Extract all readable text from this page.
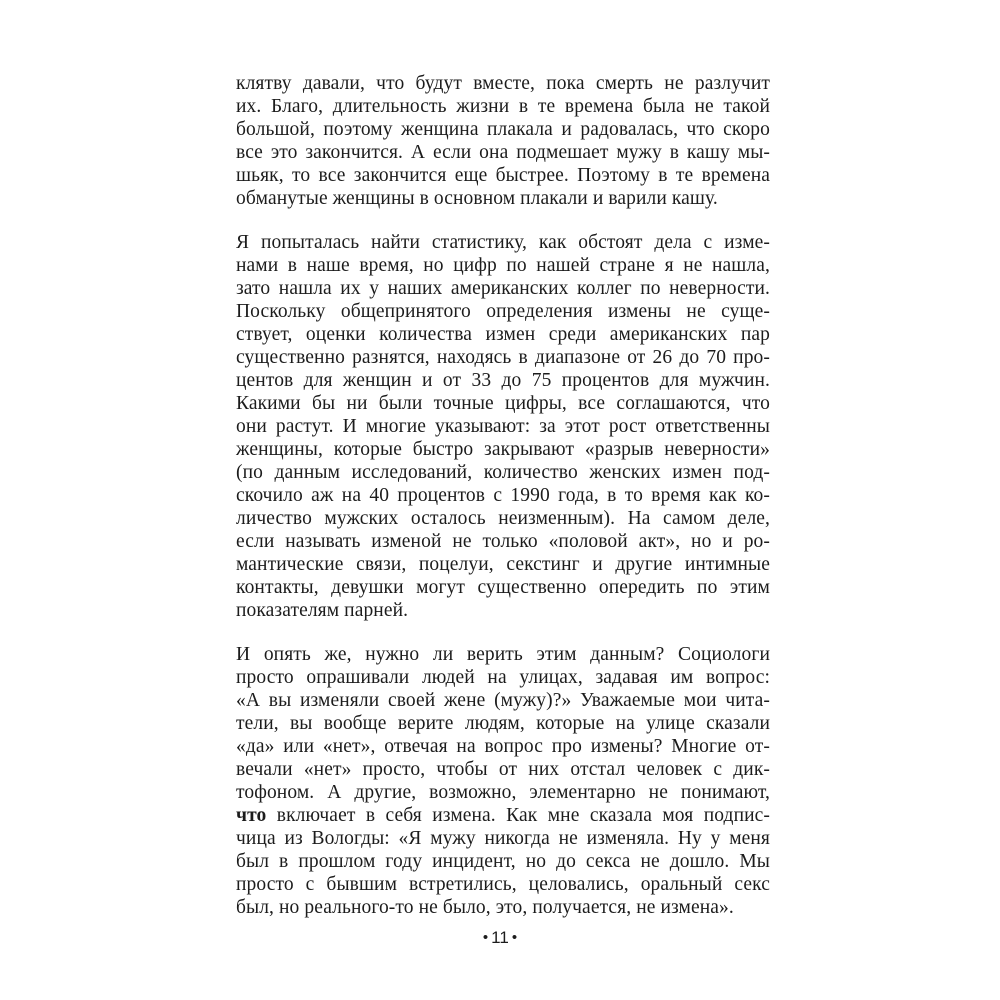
клятву давали, что будут вместе, пока смерть не разлучит
их. Благо, длительность жизни в те времена была не такой
большой, поэтому женщина плакала и радовалась, что скоро
все это закончится. А если она подмешает мужу в кашу мы-
шьяк, то все закончится еще быстрее. Поэтому в те времена
обманутые женщины в основном плакали и варили кашу.
Я попыталась найти статистику, как обстоят дела с изме-
нами в наше время, но цифр по нашей стране я не нашла,
зато нашла их у наших американских коллег по неверности.
Поскольку общепринятого определения измены не суще-
ствует, оценки количества измен среди американских пар
существенно разнятся, находясь в диапазоне от 26 до 70 про-
центов для женщин и от 33 до 75 процентов для мужчин.
Какими бы ни были точные цифры, все соглашаются, что
они растут. И многие указывают: за этот рост ответственны
женщины, которые быстро закрывают «разрыв неверности»
(по данным исследований, количество женских измен под-
скочило аж на 40 процентов с 1990 года, в то время как ко-
личество мужских осталось неизменным). На самом деле,
если называть изменой не только «половой акт», но и ро-
мантические связи, поцелуи, секстинг и другие интимные
контакты, девушки могут существенно опередить по этим
показателям парней.
И опять же, нужно ли верить этим данным? Социологи
просто опрашивали людей на улицах, задавая им вопрос:
«А вы изменяли своей жене (мужу)?» Уважаемые мои чита-
тели, вы вообще верите людям, которые на улице сказали
«да» или «нет», отвечая на вопрос про измены? Многие от-
вечали «нет» просто, чтобы от них отстал человек с дик-
тофоном. А другие, возможно, элементарно не понимают,
что включает в себя измена. Как мне сказала моя подпис-
чица из Вологды: «Я мужу никогда не изменяла. Ну у меня
был в прошлом году инцидент, но до секса не дошло. Мы
просто с бывшим встретились, целовались, оральный секс
был, но реального-то не было, это, получается, не измена».
• 11 •
